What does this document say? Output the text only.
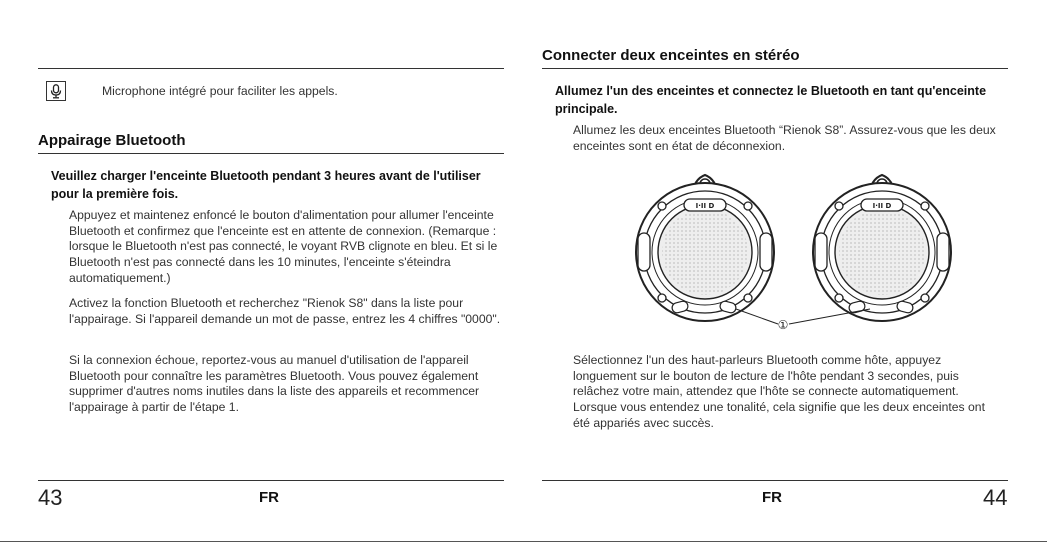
Microphone intégré pour faciliter les appels.
Appairage Bluetooth
Veuillez charger l'enceinte Bluetooth pendant 3 heures avant de l'utiliser pour la première fois.
Appuyez et maintenez enfoncé le bouton d'alimentation pour allumer l'enceinte Bluetooth et confirmez que l'enceinte est en attente de connexion. (Remarque : lorsque le Bluetooth n'est pas connecté, le voyant RVB clignote en bleu. Et si le Bluetooth n'est pas connecté dans les 10 minutes, l'enceinte s'éteindra automatiquement.)
Activez la fonction Bluetooth et recherchez "Rienok S8" dans la liste pour l'appairage. Si l'appareil demande un mot de passe, entrez les 4 chiffres "0000".
Si la connexion échoue, reportez-vous au manuel d'utilisation de l'appareil Bluetooth pour connaître les paramètres Bluetooth. Vous pouvez également supprimer d'autres noms inutiles dans la liste des appareils et recommencer l'appairage à partir de l'étape 1.
43	FR
Connecter deux enceintes en stéréo
Allumez l'un des enceintes et connectez le Bluetooth en tant qu'enceinte principale.
Allumez les deux enceintes Bluetooth “Rienok S8”. Assurez-vous que les deux enceintes sont en état de déconnexion.
I·II D	I·II D
①
Sélectionnez l'un des haut-parleurs Bluetooth comme hôte, appuyez longuement sur le bouton de lecture de l'hôte pendant 3 secondes, puis relâchez votre main, attendez que l'hôte se connecte automatiquement. Lorsque vous entendez une tonalité, cela signifie que les deux enceintes ont été appariés avec succès.
FR	44
